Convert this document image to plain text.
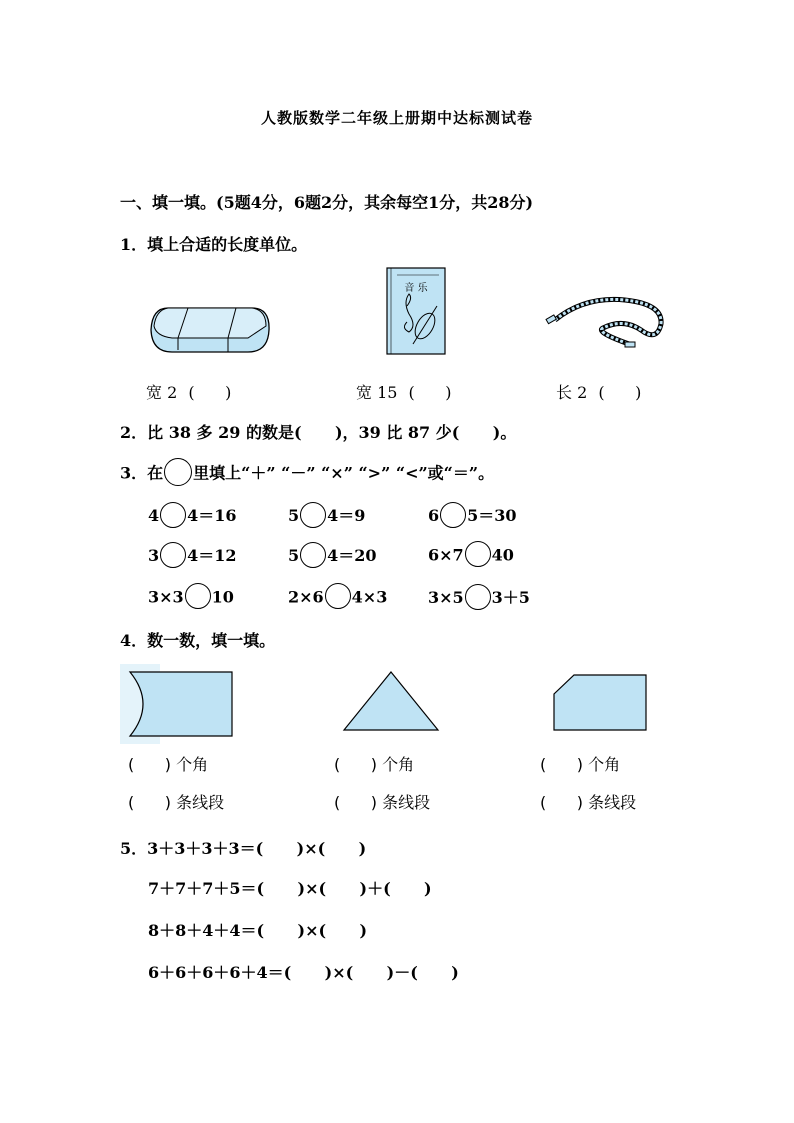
人教版数学二年级上册期中达标测试卷
一、填一填。(5题4分，6题2分，其余每空1分，共28分)
1．填上合适的长度单位。
音 乐
宽 2 (      )	宽 15 (      )	长 2 (      )
2．比 38 多 29 的数是(      )，39 比 87 少(      )。
3．在 里填上“＋” “－” “×” “>” “<”或“＝”。
4 4＝16	5 4＝9	6 5＝30
3 4＝12	5 4＝20	6×7 40
3×3 10	2×6 4×3	3×5 3＋5
4．数一数，填一填。
(      ) 个角	(      ) 个角	(      ) 个角
(      ) 条线段	(      ) 条线段	(      ) 条线段
5．3＋3＋3＋3＝(      )×(      )
7＋7＋7＋5＝(      )×(      )＋(      )
8＋8＋4＋4＝(      )×(      )
6＋6＋6＋6＋4＝(      )×(      )－(      )
